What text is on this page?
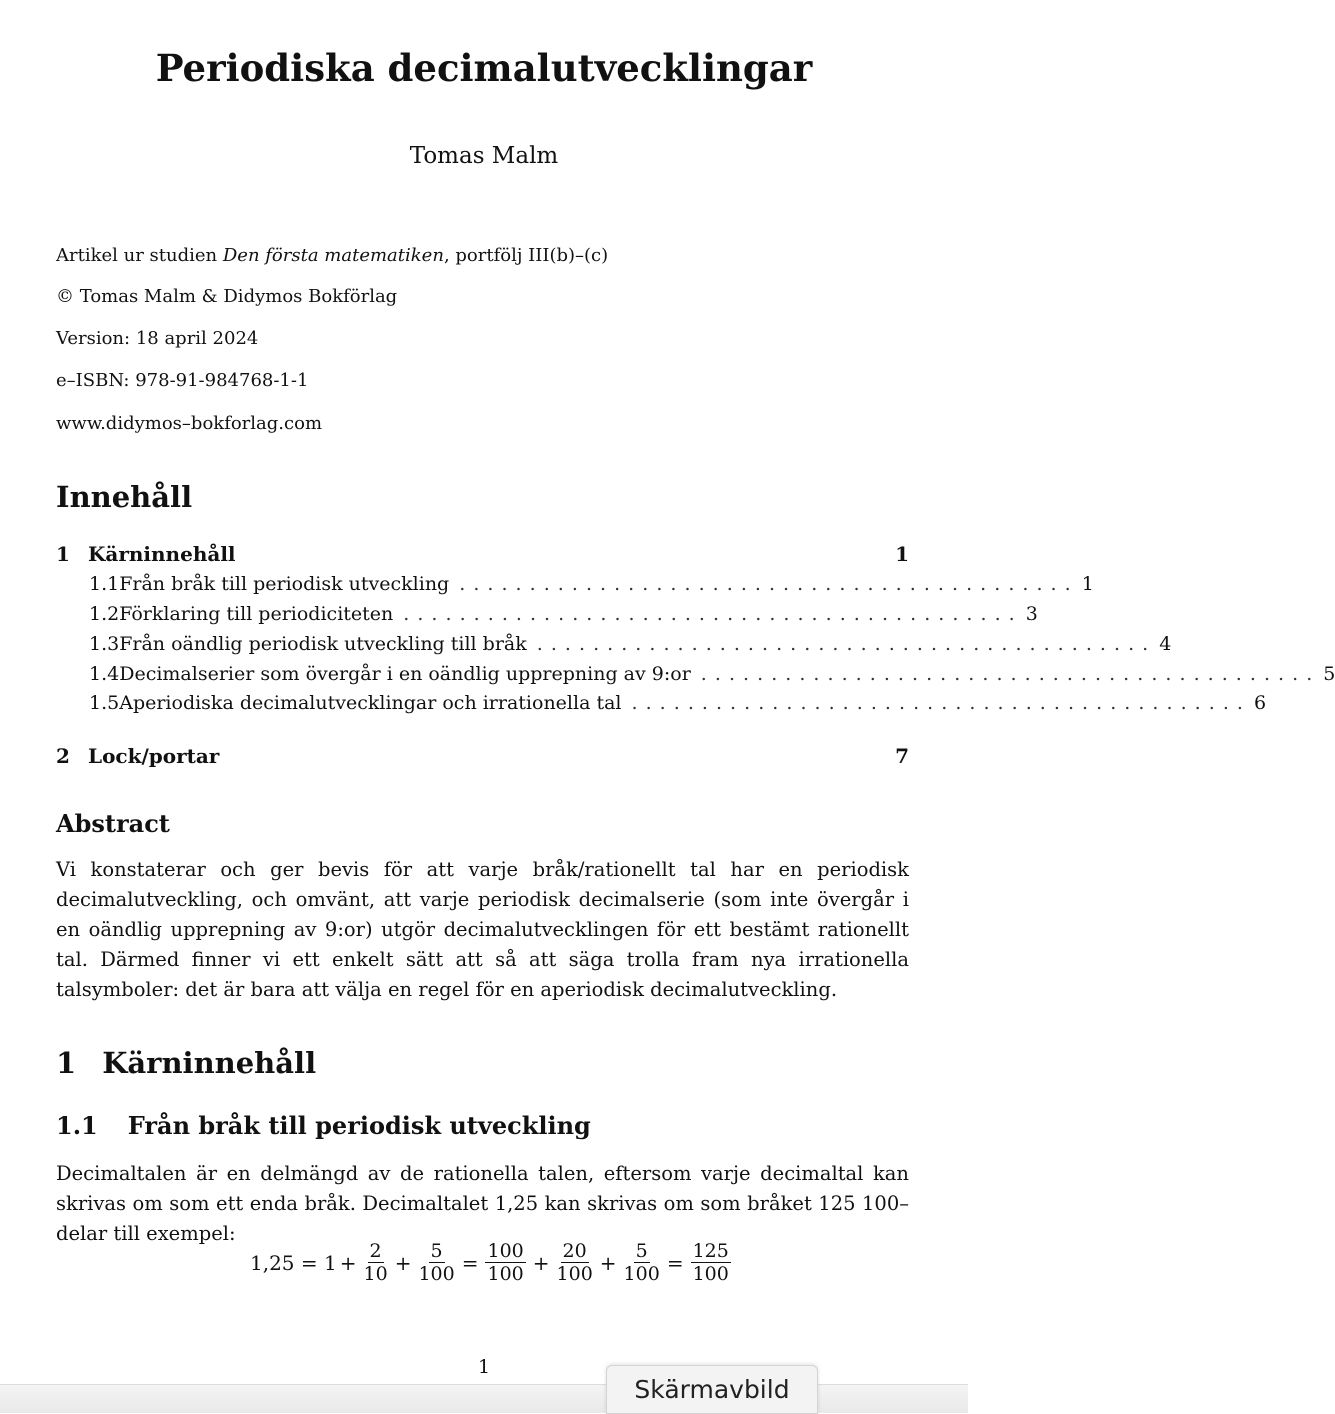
Periodiska decimalutvecklingar
Tomas Malm
Artikel ur studien Den första matematiken, portfölj III(b)–(c)
© Tomas Malm & Didymos Bokförlag
Version: 18 april 2024
e–ISBN: 978-91-984768-1-1
www.didymos–bokforlag.com
Innehåll
1 Kärninnehåll	1
1.1 Från bråk till periodisk utveckling . . . . . . . . . . . . . . . . . . . . . . . . . . . . . . . . . . . . . . . . . . . . 1
1.2 Förklaring till periodiciteten . . . . . . . . . . . . . . . . . . . . . . . . . . . . . . . . . . . . . . . . . . . . 3
1.3 Från oändlig periodisk utveckling till bråk . . . . . . . . . . . . . . . . . . . . . . . . . . . . . . . . . . . . . . . . . . . . 4
1.4 Decimalserier som övergår i en oändlig upprepning av 9:or . . . . . . . . . . . . . . . . . . . . . . . . . . . . . . . . . . . . . . . . . . . . 5
1.5 Aperiodiska decimalutvecklingar och irrationella tal . . . . . . . . . . . . . . . . . . . . . . . . . . . . . . . . . . . . . . . . . . . . 6
2 Lock/portar	7
Abstract
Vi konstaterar och ger bevis för att varje bråk/rationellt tal har en periodisk decimalutveckling, och omvänt, att varje periodisk decimalserie (som inte övergår i en oändlig upprepning av 9:or) utgör decimalutvecklingen för ett bestämt rationellt tal. Därmed finner vi ett enkelt sätt att så att säga trolla fram nya irrationella talsymboler: det är bara att välja en regel för en aperiodisk decimalutveckling.
1 Kärninnehåll
1.1 Från bråk till periodisk utveckling
Decimaltalen är en delmängd av de rationella talen, eftersom varje decimaltal kan skrivas om som ett enda bråk. Decimaltalet 1,25 kan skrivas om som bråket 125 100–delar till exempel:
$1,25 = 1 + \frac{2}{10} + \frac{5}{100} = \frac{100}{100} + \frac{20}{100} + \frac{5}{100} = \frac{125}{100}$
1
Skärmavbild
